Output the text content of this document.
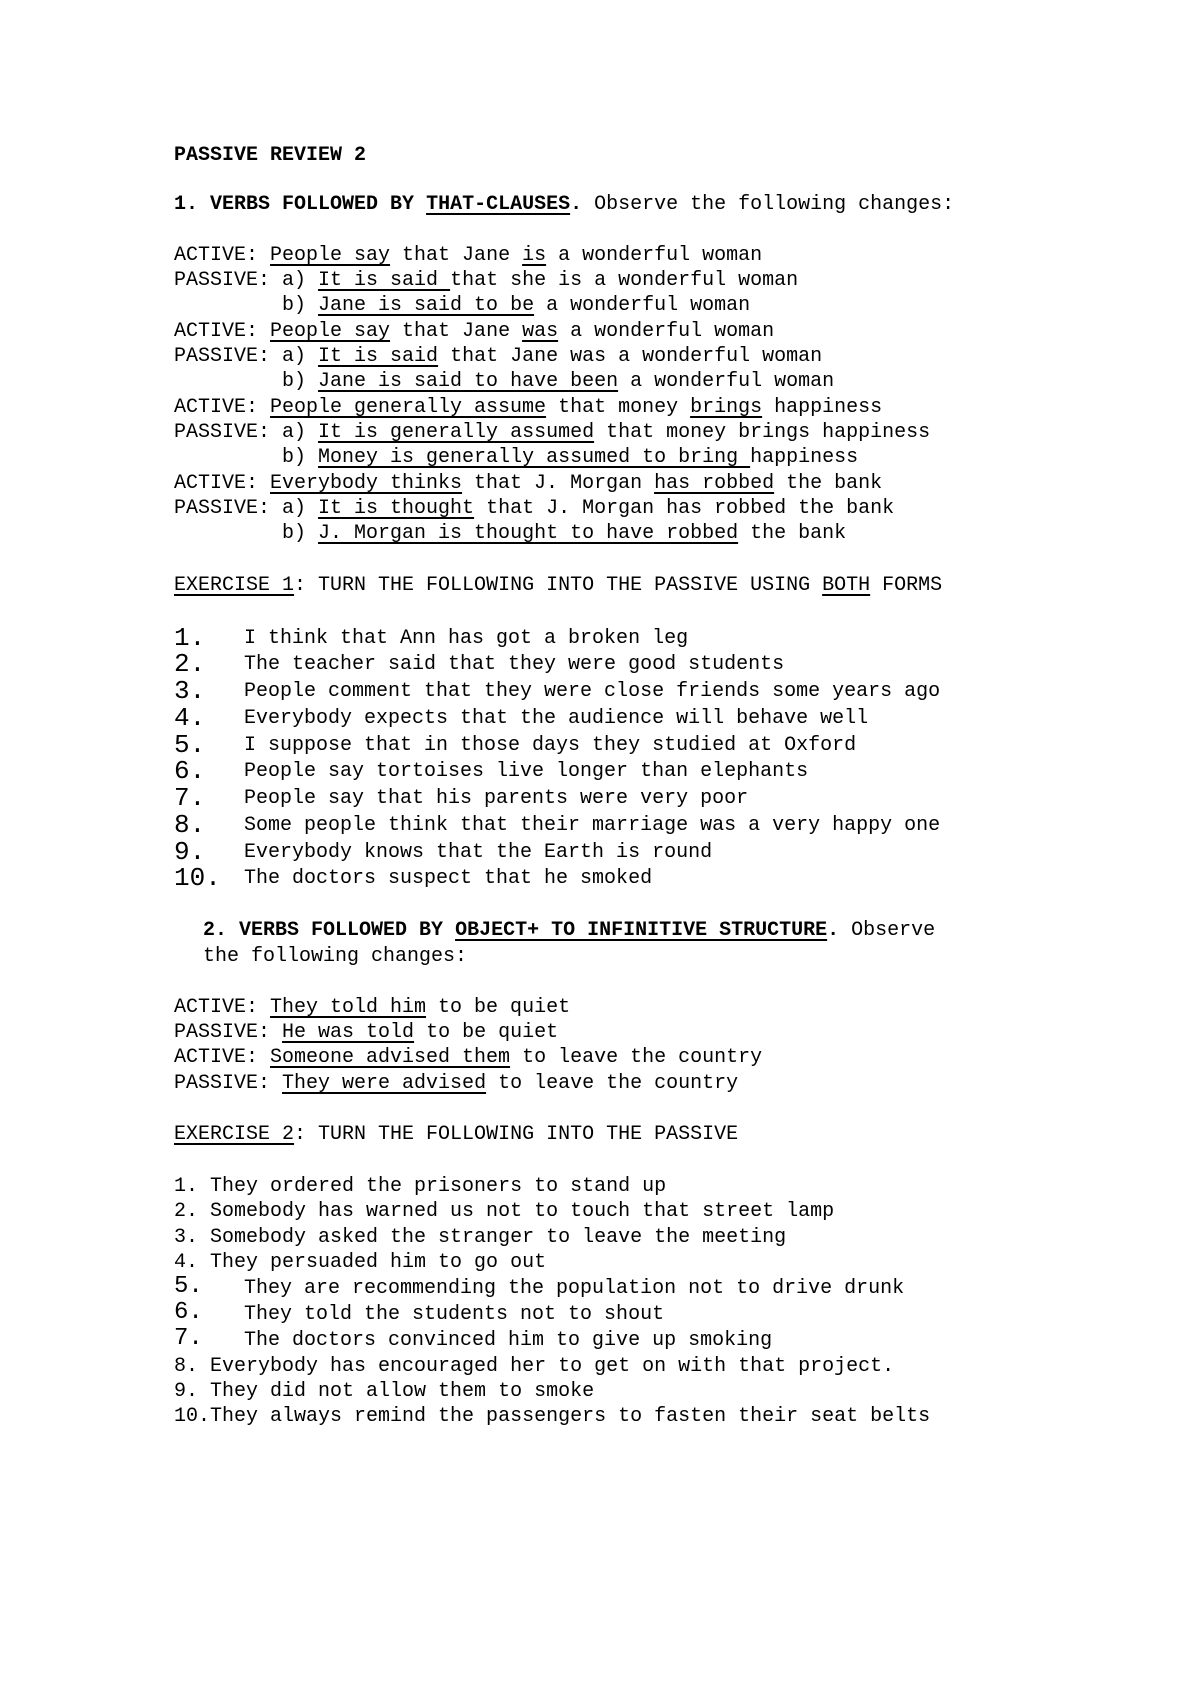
PASSIVE REVIEW 2
1. VERBS FOLLOWED BY THAT-CLAUSES. Observe the following changes:
ACTIVE: People say that Jane is a wonderful woman
PASSIVE: a) It is said that she is a wonderful woman
b) Jane is said to be a wonderful woman
ACTIVE: People say that Jane was a wonderful woman
PASSIVE: a) It is said that Jane was a wonderful woman
b) Jane is said to have been a wonderful woman
ACTIVE: People generally assume that money brings happiness
PASSIVE: a) It is generally assumed that money brings happiness
b) Money is generally assumed to bring happiness
ACTIVE: Everybody thinks that J. Morgan has robbed the bank
PASSIVE: a) It is thought that J. Morgan has robbed the bank
b) J. Morgan is thought to have robbed the bank
EXERCISE 1: TURN THE FOLLOWING INTO THE PASSIVE USING BOTH FORMS
1. I think that Ann has got a broken leg
2. The teacher said that they were good students
3. People comment that they were close friends some years ago
4. Everybody expects that the audience will behave well
5. I suppose that in those days they studied at Oxford
6. People say tortoises live longer than elephants
7. People say that his parents were very poor
8. Some people think that their marriage was a very happy one
9. Everybody knows that the Earth is round
10. The doctors suspect that he smoked
2. VERBS FOLLOWED BY OBJECT+ TO INFINITIVE STRUCTURE. Observe
the following changes:
ACTIVE: They told him to be quiet
PASSIVE: He was told to be quiet
ACTIVE: Someone advised them to leave the country
PASSIVE: They were advised to leave the country
EXERCISE 2: TURN THE FOLLOWING INTO THE PASSIVE
1. They ordered the prisoners to stand up
2. Somebody has warned us not to touch that street lamp
3. Somebody asked the stranger to leave the meeting
4. They persuaded him to go out
5. They are recommending the population not to drive drunk
6. They told the students not to shout
7. The doctors convinced him to give up smoking
8. Everybody has encouraged her to get on with that project.
9. They did not allow them to smoke
10.They always remind the passengers to fasten their seat belts
